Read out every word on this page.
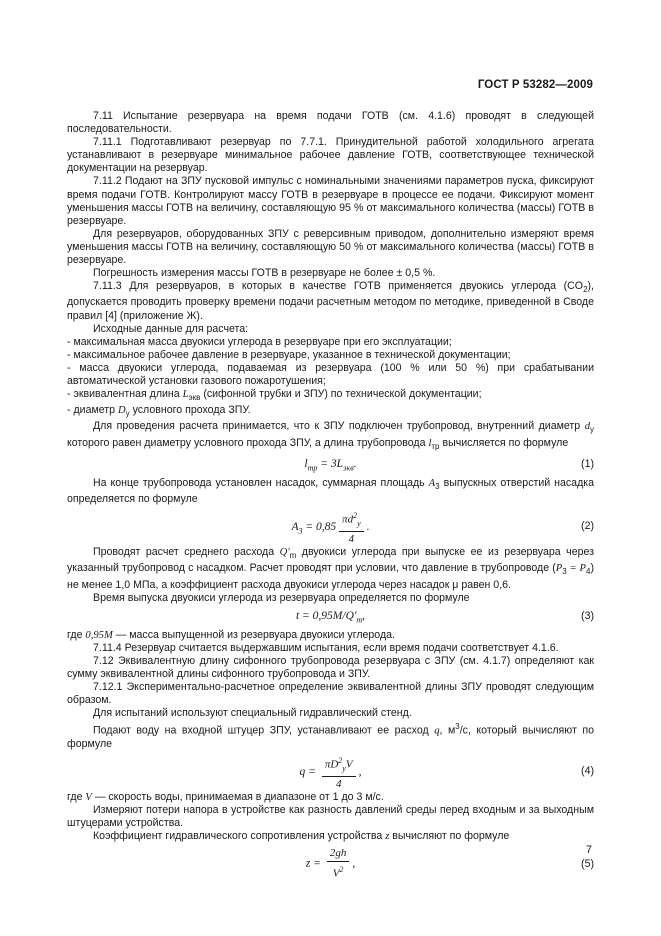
ГОСТ Р 53282—2009

7.11 Испытание резервуара на время подачи ГОТВ (см. 4.1.6) проводят в следующей последовательности.

7.11.1 Подготавливают резервуар по 7.7.1. Принудительной работой холодильного агрегата устанавливают в резервуаре минимальное рабочее давление ГОТВ, соответствующее технической документации на резервуар.

7.11.2 Подают на ЗПУ пусковой импульс с номинальными значениями параметров пуска, фиксируют время подачи ГОТВ. Контролируют массу ГОТВ в резервуаре в процессе ее подачи. Фиксируют момент уменьшения массы ГОТВ на величину, составляющую 95 % от максимального количества (массы) ГОТВ в резервуаре.

Для резервуаров, оборудованных ЗПУ с реверсивным приводом, дополнительно измеряют время уменьшения массы ГОТВ на величину, составляющую 50 % от максимального количества (массы) ГОТВ в резервуаре.

Погрешность измерения массы ГОТВ в резервуаре не более ± 0,5 %.

7.11.3 Для резервуаров, в которых в качестве ГОТВ применяется двуокись углерода $(CO_2)$, допускается проводить проверку времени подачи расчетным методом по методике, приведенной в Своде правил [4] (приложение Ж).

Исходные данные для расчета:

- максимальная масса двуокиси углерода в резервуаре при его эксплуатации;

- максимальное рабочее давление в резервуаре, указанное в технической документации;

- масса двуокиси углерода, подаваемая из резервуара (100 % или 50 %) при срабатывании автоматической установки газового пожаротушения;

- эквивалентная длина $L_{экв}$ (сифонной трубки и ЗПУ) по технической документации;

- диаметр $D_y$ условного прохода ЗПУ.

Для проведения расчета принимается, что к ЗПУ подключен трубопровод, внутренний диаметр $d_y$ которого равен диаметру условного прохода ЗПУ, а длина трубопровода $l_{тр}$ вычисляется по формуле

$l_{тр} = 3L_{экв}$.	(1)

На конце трубопровода установлен насадок, суммарная площадь $A_3$ выпускных отверстий насадка определяется по формуле

$A_3 = 0,85 \frac{\pi d^2_y}{4}$ .	(2)

Проводят расчет среднего расхода $Q'_m$ двуокиси углерода при выпуске ее из резервуара через указанный трубопровод с насадком. Расчет проводят при условии, что давление в трубопроводе $(P_3 = P_4)$ не менее 1,0 МПа, а коэффициент расхода двуокиси углерода через насадок μ равен 0,6.

Время выпуска двуокиси углерода из резервуара определяется по формуле

$t = 0,95M/Q'_m$,	(3)

где 0,95M — масса выпущенной из резервуара двуокиси углерода.

7.11.4 Резервуар считается выдержавшим испытания, если время подачи соответствует 4.1.6.

7.12 Эквивалентную длину сифонного трубопровода резервуара с ЗПУ (см. 4.1.7) определяют как сумму эквивалентной длины сифонного трубопровода и ЗПУ.

7.12.1 Экспериментально-расчетное определение эквивалентной длины ЗПУ проводят следующим образом.

Для испытаний используют специальный гидравлический стенд.

Подают воду на входной штуцер ЗПУ, устанавливают ее расход q, $м^3/с$, который вычисляют по формуле

$q = \frac{\pi D^2_yV}{4}$ ,	(4)

где V — скорость воды, принимаемая в диапазоне от 1 до 3 м/с.

Измеряют потери напора в устройстве как разность давлений среды перед входным и за выходным штуцерами устройства.

Коэффициент гидравлического сопротивления устройства z вычисляют по формуле

$z = \frac{2gh}{V^2}$ ,	(5)
7
